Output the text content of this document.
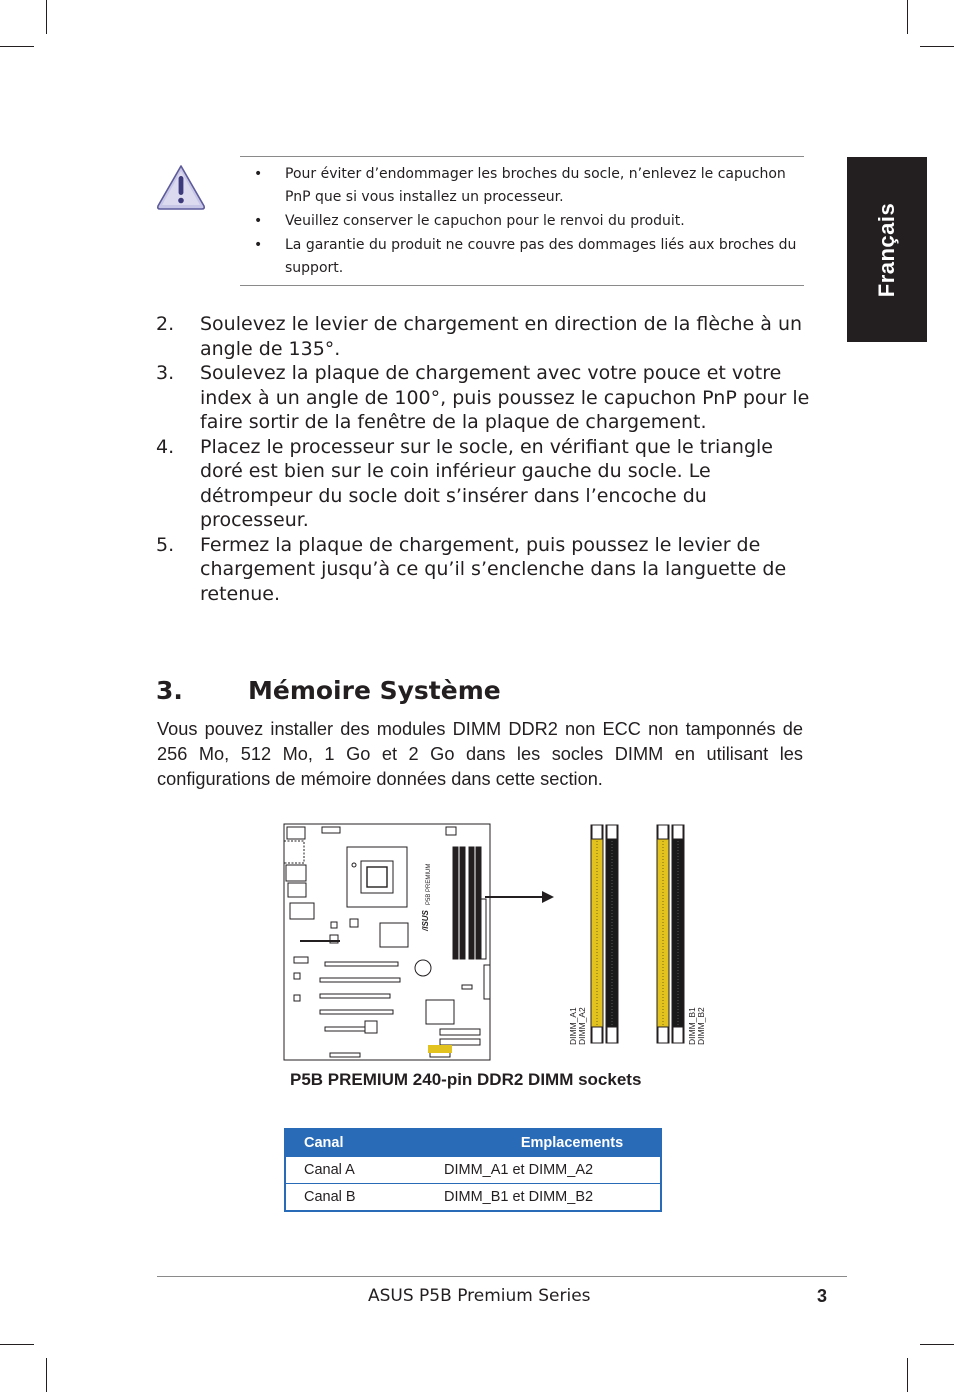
Français
• Pour éviter d’endommager les broches du socle, n’enlevez le capuchon PnP que si vous installez un processeur.
• Veuillez conserver le capuchon pour le renvoi du produit.
• La garantie du produit ne couvre pas des dommages liés aux broches du support.
2. Soulevez le levier de chargement en direction de la flèche à un angle de 135°.
3. Soulevez la plaque de chargement avec votre pouce et votre index à un angle de 100°, puis poussez le capuchon PnP pour le faire sortir de la fenêtre de la plaque de chargement.
4. Placez le processeur sur le socle, en vérifiant que le triangle doré est bien sur le coin inférieur gauche du socle. Le détrompeur du socle doit s’insérer dans l’encoche du processeur.
5. Fermez la plaque de chargement, puis poussez le levier de chargement jusqu’à ce qu’il s’enclenche dans la languette de retenue.
3.	Mémoire Système

Vous pouvez installer des modules DIMM DDR2 non ECC non tamponnés de 256 Mo, 512 Mo, 1 Go et 2 Go dans les socles DIMM en utilisant les configurations de mémoire données dans cette section.

P5B PREMIUM
/ISUS
DIMM_A1 DIMM_A2	DIMM_B1 DIMM_B2

P5B PREMIUM 240-pin DDR2 DIMM sockets

Canal	Emplacements
Canal A	DIMM_A1 et DIMM_A2
Canal B	DIMM_B1 et DIMM_B2
ASUS P5B Premium Series	3
